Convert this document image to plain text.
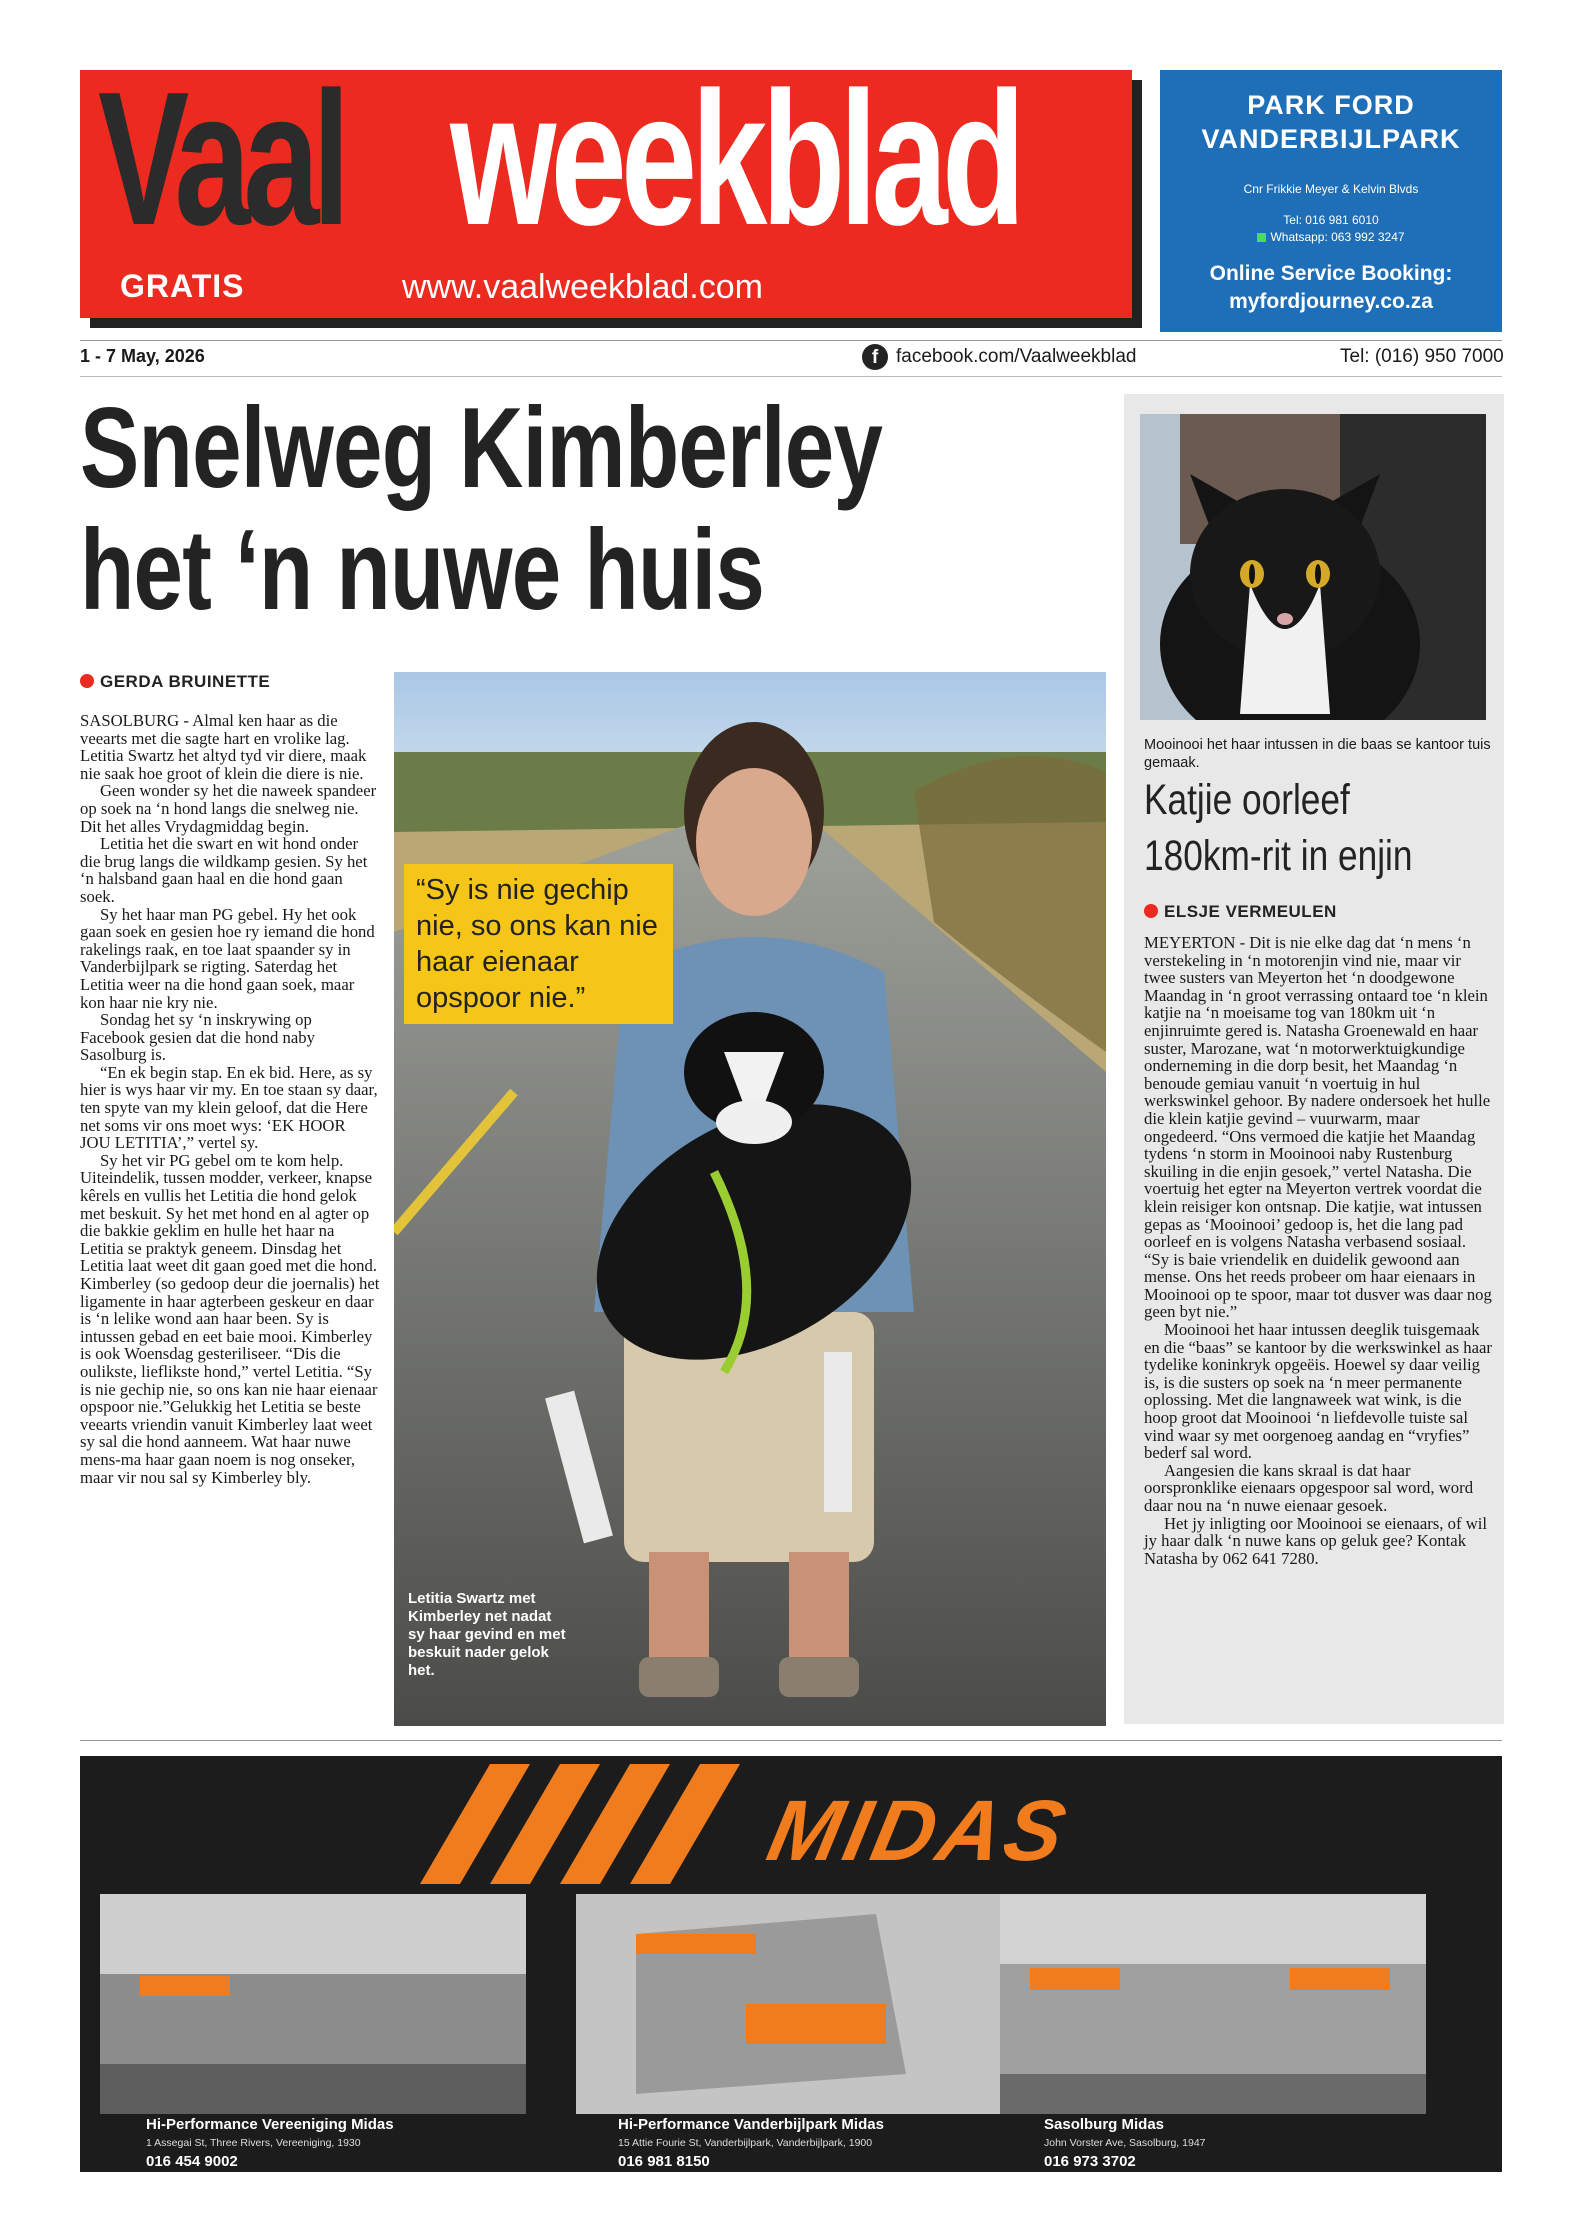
Vaal weekblad
GRATIS	www.vaalweekblad.com
PARK FORD
VANDERBIJLPARK
Cnr Frikkie Meyer & Kelvin Blvds
Tel: 016 981 6010
Whatsapp: 063 992 3247
Online Service Booking:
myfordjourney.co.za
1 - 7 May, 2026	f facebook.com/Vaalweekblad	Tel: (016) 950 7000
Snelweg Kimberley
het ‘n nuwe huis
GERDA BRUINETTE

SASOLBURG - Almal ken haar as die veearts met die sagte hart en vrolike lag. Letitia Swartz het altyd tyd vir diere, maak nie saak hoe groot of klein die diere is nie.

Geen wonder sy het die naweek spandeer op soek na ‘n hond langs die snelweg nie. Dit het alles Vrydagmiddag begin.

Letitia het die swart en wit hond onder die brug langs die wildkamp gesien. Sy het ‘n halsband gaan haal en die hond gaan soek.

Sy het haar man PG gebel. Hy het ook gaan soek en gesien hoe ry iemand die hond rakelings raak, en toe laat spaander sy in Vanderbijlpark se rigting. Saterdag het Letitia weer na die hond gaan soek, maar kon haar nie kry nie.

Sondag het sy ‘n inskrywing op Facebook gesien dat die hond naby Sasolburg is.

“En ek begin stap. En ek bid. Here, as sy hier is wys haar vir my. En toe staan sy daar, ten spyte van my klein geloof, dat die Here net soms vir ons moet wys: ‘EK HOOR JOU LETITIA’,” vertel sy.

Sy het vir PG gebel om te kom help. Uiteindelik, tussen modder, verkeer, knapse kêrels en vullis het Letitia die hond gelok met beskuit. Sy het met hond en al agter op die bakkie geklim en hulle het haar na Letitia se praktyk geneem. Dinsdag het Letitia laat weet dit gaan goed met die hond. Kimberley (so gedoop deur die joernalis) het ligamente in haar agterbeen geskeur en daar is ‘n lelike wond aan haar been. Sy is intussen gebad en eet baie mooi. Kimberley is ook Woensdag gesteriliseer. “Dis die oulikste, lieflikste hond,” vertel Letitia. “Sy is nie gechip nie, so ons kan nie haar eienaar opspoor nie.”Gelukkig het Letitia se beste veearts vriendin vanuit Kimberley laat weet sy sal die hond aanneem. Wat haar nuwe mens-ma haar gaan noem is nog onseker, maar vir nou sal sy Kimberley bly.

“Sy is nie gechip nie, so ons kan nie haar eienaar opspoor nie.”
Letitia Swartz met Kimberley net nadat sy haar gevind en met beskuit nader gelok het.
Mooinooi het haar intussen in die baas se kantoor tuis gemaak.
Katjie oorleef
180km-rit in enjin
ELSJE VERMEULEN

MEYERTON - Dit is nie elke dag dat ‘n mens ‘n verstekeling in ‘n motorenjin vind nie, maar vir twee susters van Meyerton het ‘n doodgewone Maandag in ‘n groot verrassing ontaard toe ‘n klein katjie na ‘n moeisame tog van 180km uit ‘n enjinruimte gered is. Natasha Groenewald en haar suster, Marozane, wat ‘n motorwerktuigkundige onderneming in die dorp besit, het Maandag ‘n benoude gemiau vanuit ‘n voertuig in hul werkswinkel gehoor. By nadere ondersoek het hulle die klein katjie gevind – vuurwarm, maar ongedeerd. “Ons vermoed die katjie het Maandag tydens ‘n storm in Mooinooi naby Rustenburg skuiling in die enjin gesoek,” vertel Natasha. Die voertuig het egter na Meyerton vertrek voordat die klein reisiger kon ontsnap. Die katjie, wat intussen gepas as ‘Mooinooi’ gedoop is, het die lang pad oorleef en is volgens Natasha verbasend sosiaal. “Sy is baie vriendelik en duidelik gewoond aan mense. Ons het reeds probeer om haar eienaars in Mooinooi op te spoor, maar tot dusver was daar nog geen byt nie.”

Mooinooi het haar intussen deeglik tuisgemaak en die “baas” se kantoor by die werkswinkel as haar tydelike koninkryk opgeëis. Hoewel sy daar veilig is, is die susters op soek na ‘n meer permanente oplossing. Met die langnaweek wat wink, is die hoop groot dat Mooinooi ‘n liefdevolle tuiste sal vind waar sy met oorgenoeg aandag en “vryfies” bederf sal word.

Aangesien die kans skraal is dat haar oorspronklike eienaars opgespoor sal word, word daar nou na ‘n nuwe eienaar gesoek.

Het jy inligting oor Mooinooi se eienaars, of wil jy haar dalk ‘n nuwe kans op geluk gee? Kontak Natasha by 062 641 7280.

MIDAS
Hi-Performance Vereeniging Midas
1 Assegai St, Three Rivers, Vereeniging, 1930
016 454 9002
Hi-Performance Vanderbijlpark Midas
15 Attie Fourie St, Vanderbijlpark, Vanderbijlpark, 1900
016 981 8150
Sasolburg Midas
John Vorster Ave, Sasolburg, 1947
016 973 3702
